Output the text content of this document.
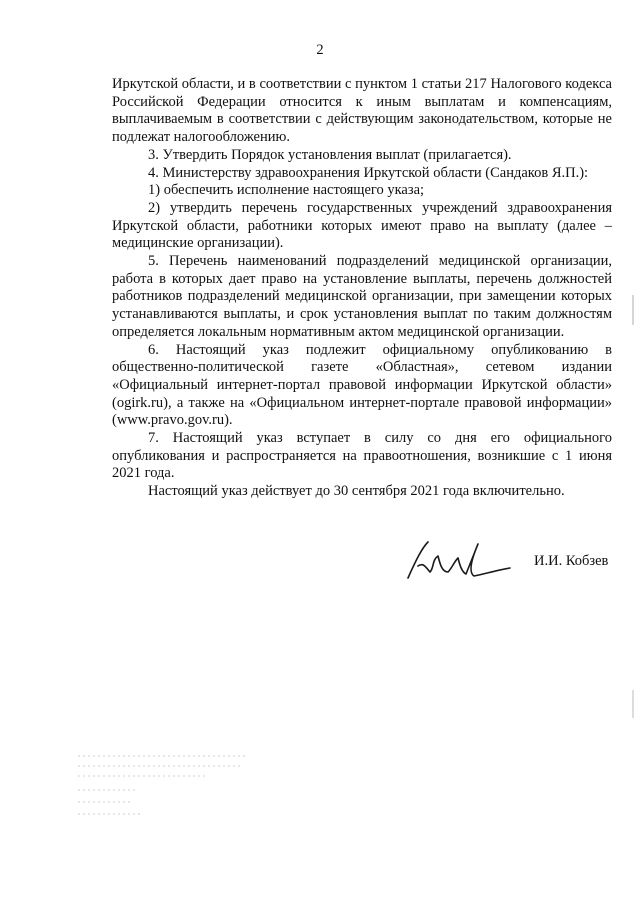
2

Иркутской области, и в соответствии с пунктом 1 статьи 217 Налогового кодекса Российской Федерации относится к иным выплатам и компенсациям, выплачиваемым в соответствии с действующим законодательством, которые не подлежат налогообложению.

3. Утвердить Порядок установления выплат (прилагается).

4. Министерству здравоохранения Иркутской области (Сандаков Я.П.):

1) обеспечить исполнение настоящего указа;

2) утвердить перечень государственных учреждений здравоохранения Иркутской области, работники которых имеют право на выплату (далее – медицинские организации).

5. Перечень наименований подразделений медицинской организации, работа в которых дает право на установление выплаты, перечень должностей работников подразделений медицинской организации, при замещении которых устанавливаются выплаты, и срок установления выплат по таким должностям определяется локальным нормативным актом медицинской организации.

6. Настоящий указ подлежит официальному опубликованию в общественно-политической газете «Областная», сетевом издании «Официальный интернет-портал правовой информации Иркутской области» (ogirk.ru), а также на «Официальном интернет-портале правовой информации» (www.pravo.gov.ru).

7. Настоящий указ вступает в силу со дня его официального опубликования и распространяется на правоотношения, возникшие с 1 июня 2021 года.

Настоящий указ действует до 30 сентября 2021 года включительно.

И.И. Кобзев
